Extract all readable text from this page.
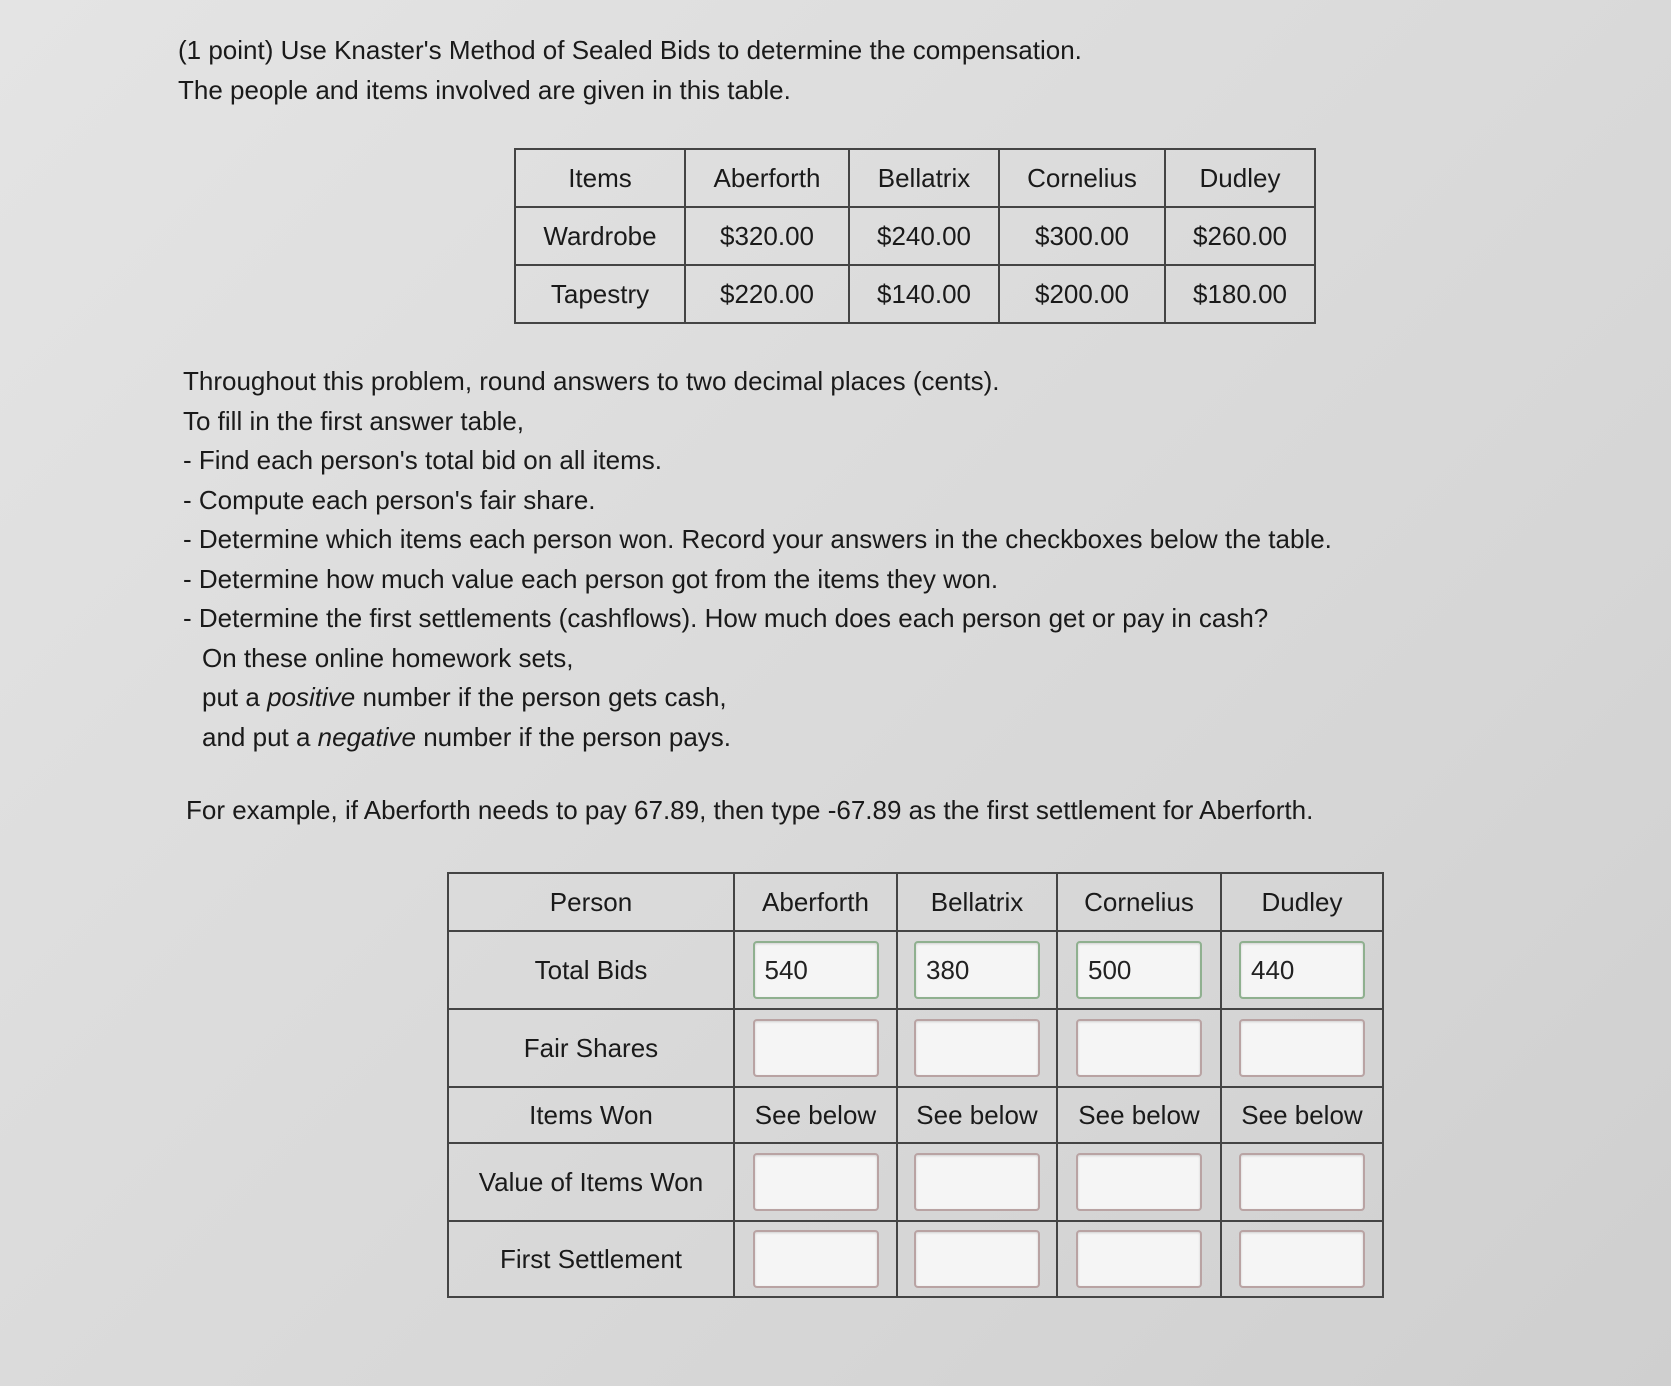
(1 point) Use Knaster's Method of Sealed Bids to determine the compensation.
The people and items involved are given in this table.
Items	Aberforth	Bellatrix	Cornelius	Dudley
Wardrobe	$320.00	$240.00	$300.00	$260.00
Tapestry	$220.00	$140.00	$200.00	$180.00
Throughout this problem, round answers to two decimal places (cents).
To fill in the first answer table,
- Find each person's total bid on all items.
- Compute each person's fair share.
- Determine which items each person won. Record your answers in the checkboxes below the table.
- Determine how much value each person got from the items they won.
- Determine the first settlements (cashflows). How much does each person get or pay in cash?
On these online homework sets,
put a positive number if the person gets cash,
and put a negative number if the person pays.
For example, if Aberforth needs to pay 67.89, then type -67.89 as the first settlement for Aberforth.
Person	Aberforth	Bellatrix	Cornelius	Dudley
Total Bids	540	380	500	440
Fair Shares				
Items Won	See below	See below	See below	See below
Value of Items Won				
First Settlement				
